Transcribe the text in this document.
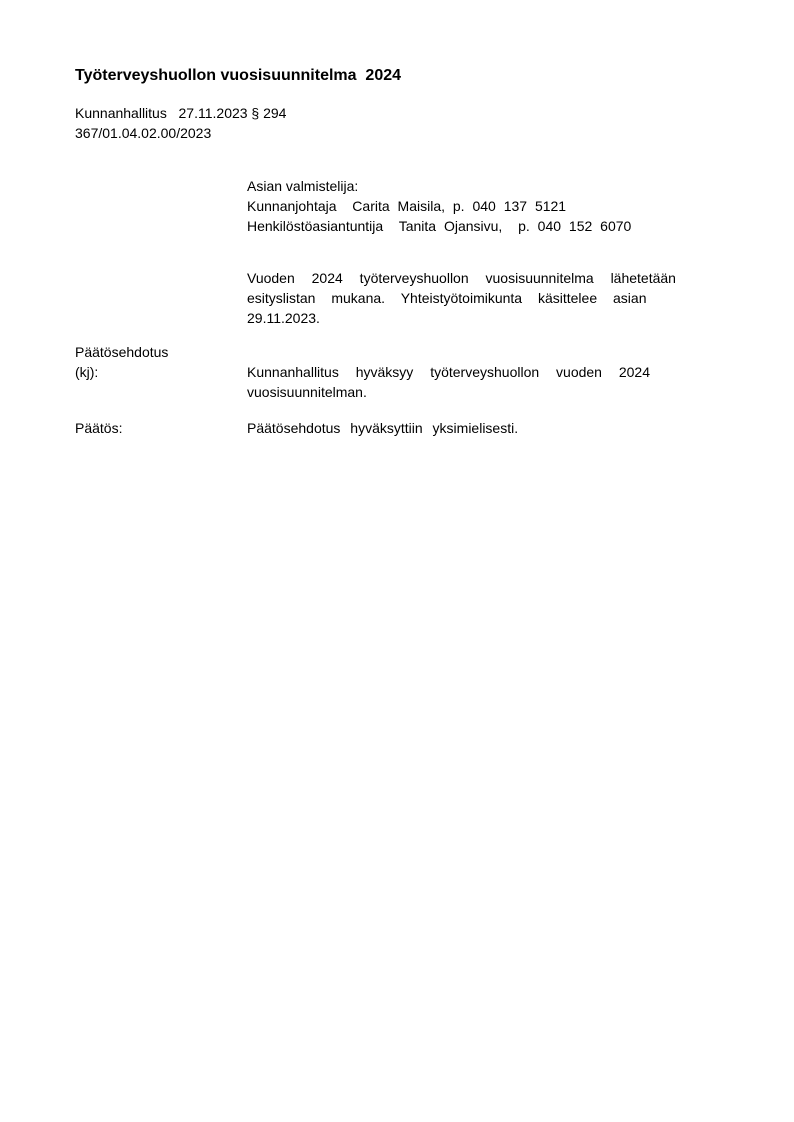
Työterveyshuollon vuosisuunnitelma  2024
Kunnanhallitus   27.11.2023 § 294
367/01.04.02.00/2023
Asian valmistelija:
Kunnanjohtaja  Carita Maisila, p. 040 137 5121
Henkilöstöasiantuntija  Tanita Ojansivu,  p. 040 152 6070
Vuoden 2024 työterveyshuollon vuosisuunnitelma lähetetään
esityslistan mukana. Yhteistyötoimikunta käsittelee asian
29.11.2023.
Päätösehdotus
(kj):	Kunnanhallitus hyväksyy työterveyshuollon vuoden 2024
vuosisuunnitelman.
Päätös:	Päätösehdotus hyväksyttiin yksimielisesti.
